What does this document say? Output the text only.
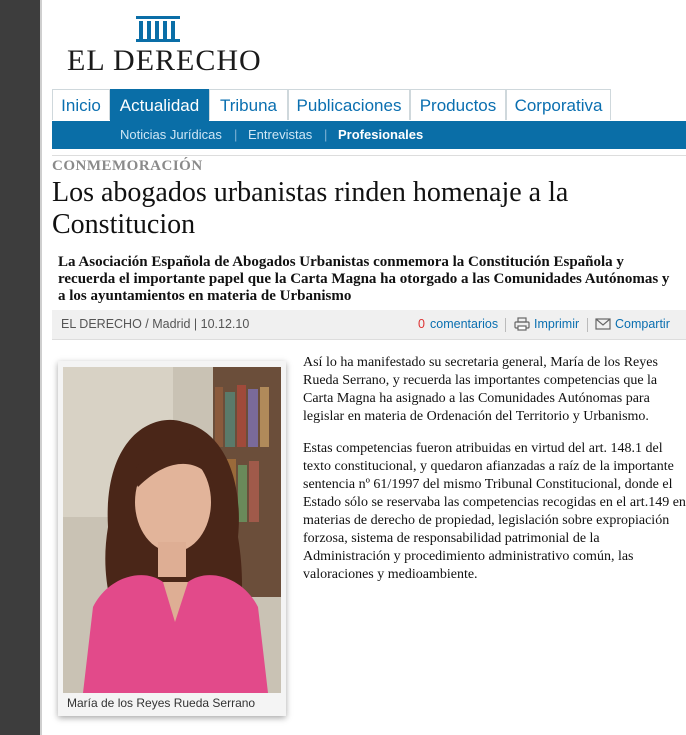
EL DERECHO
Inicio	Actualidad	Tribuna	Publicaciones	Productos	Corporativa
Noticias Jurídicas | Entrevistas | Profesionales
CONMEMORACIÓN
Los abogados urbanistas rinden homenaje a la Constitucion
La Asociación Española de Abogados Urbanistas conmemora la Constitución Española y recuerda el importante papel que la Carta Magna ha otorgado a las Comunidades Autónomas y a los ayuntamientos en materia de Urbanismo
EL DERECHO / Madrid | 10.12.10	0 comentarios	Imprimir	Compartir
María de los Reyes Rueda Serrano

Así lo ha manifestado su secretaria general, María de los Reyes Rueda Serrano, y recuerda las importantes competencias que la Carta Magna ha asignado a las Comunidades Autónomas para legislar en materia de Ordenación del Territorio y Urbanismo.

Estas competencias fueron atribuidas en virtud del art. 148.1 del texto constitucional, y quedaron afianzadas a raíz de la importante sentencia nº 61/1997 del mismo Tribunal Constitucional, donde el Estado sólo se reservaba las competencias recogidas en el art.149 en materias de derecho de propiedad, legislación sobre expropiación forzosa, sistema de responsabilidad patrimonial de la Administración y procedimiento administrativo común, las valoraciones y medioambiente.
